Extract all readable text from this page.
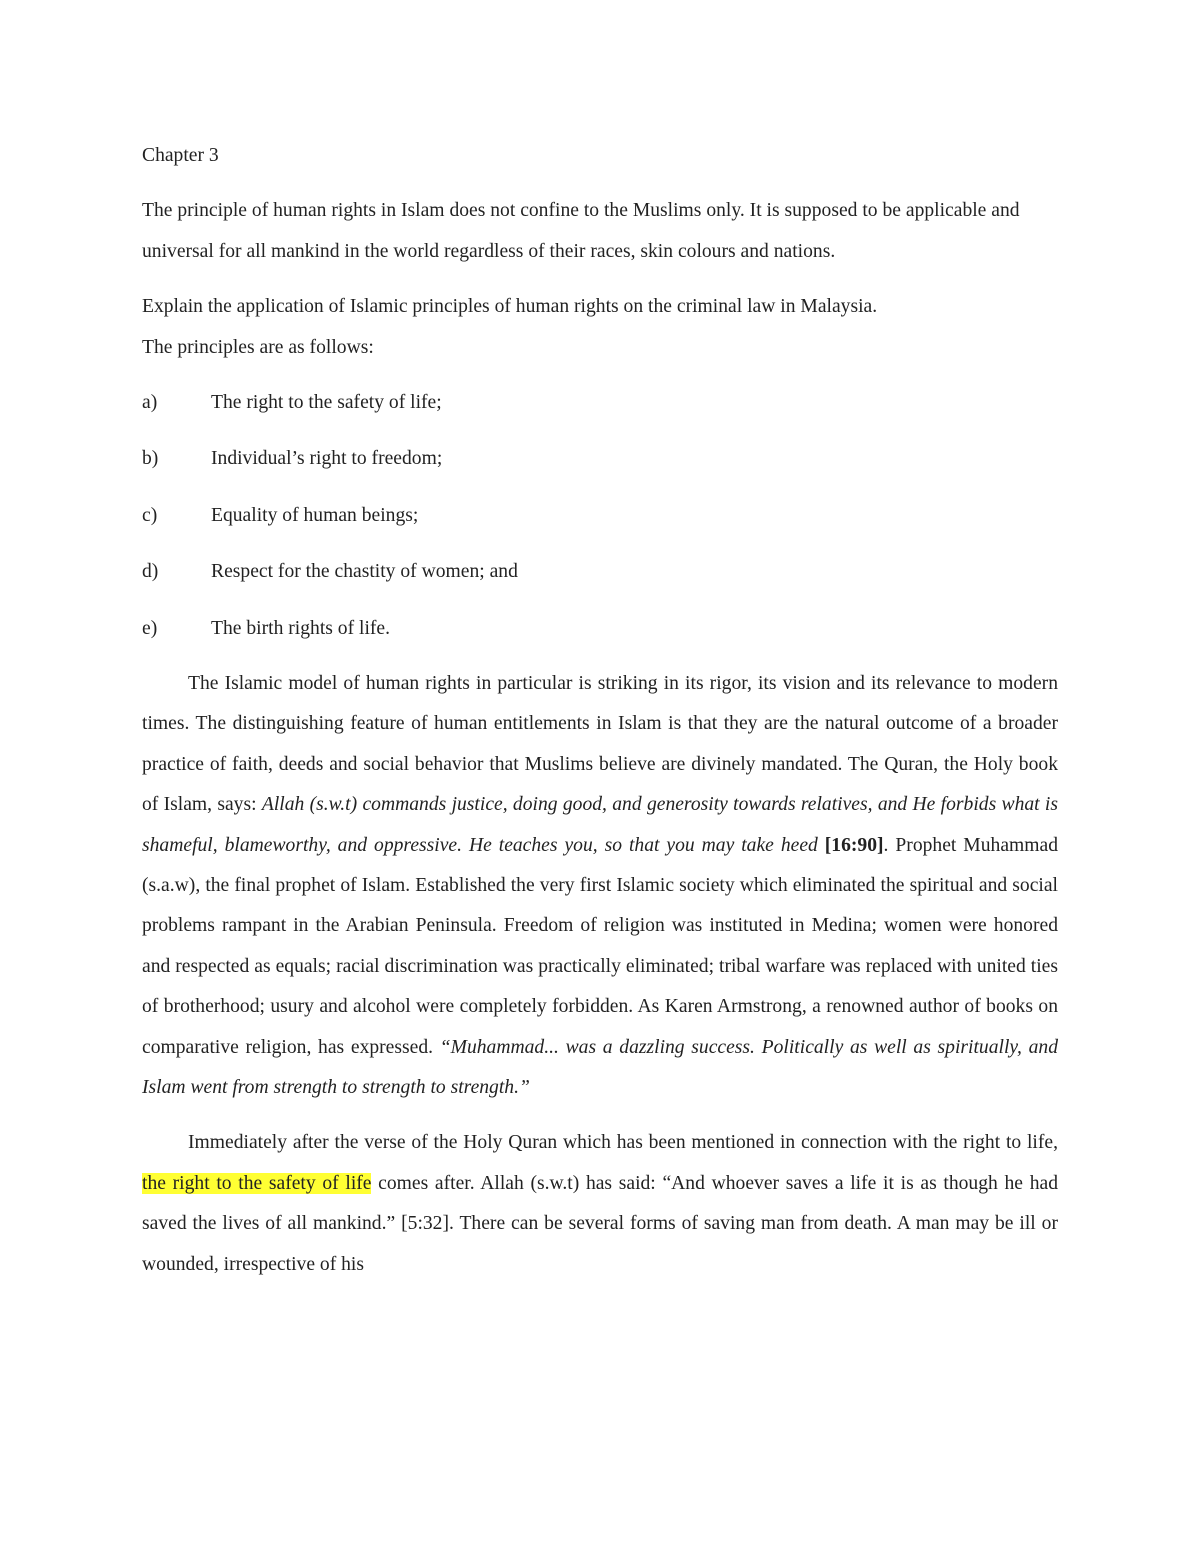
Chapter 3

The principle of human rights in Islam does not confine to the Muslims only. It is supposed to be applicable and universal for all mankind in the world regardless of their races, skin colours and nations.

Explain the application of Islamic principles of human rights on the criminal law in Malaysia.

The principles are as follows:

a)	The right to the safety of life;
b)	Individual’s right to freedom;
c)	Equality of human beings;
d)	Respect for the chastity of women; and
e)	The birth rights of life.

The Islamic model of human rights in particular is striking in its rigor, its vision and its relevance to modern times. The distinguishing feature of human entitlements in Islam is that they are the natural outcome of a broader practice of faith, deeds and social behavior that Muslims believe are divinely mandated. The Quran, the Holy book of Islam, says: Allah (s.w.t) commands justice, doing good, and generosity towards relatives, and He forbids what is shameful, blameworthy, and oppressive. He teaches you, so that you may take heed [16:90]. Prophet Muhammad (s.a.w), the final prophet of Islam. Established the very first Islamic society which eliminated the spiritual and social problems rampant in the Arabian Peninsula. Freedom of religion was instituted in Medina; women were honored and respected as equals; racial discrimination was practically eliminated; tribal warfare was replaced with united ties of brotherhood; usury and alcohol were completely forbidden. As Karen Armstrong, a renowned author of books on comparative religion, has expressed. “Muhammad... was a dazzling success. Politically as well as spiritually, and Islam went from strength to strength to strength.”

Immediately after the verse of the Holy Quran which has been mentioned in connection with the right to life, the right to the safety of life comes after. Allah (s.w.t) has said: “And whoever saves a life it is as though he had saved the lives of all mankind.” [5:32]. There can be several forms of saving man from death. A man may be ill or wounded, irrespective of his
